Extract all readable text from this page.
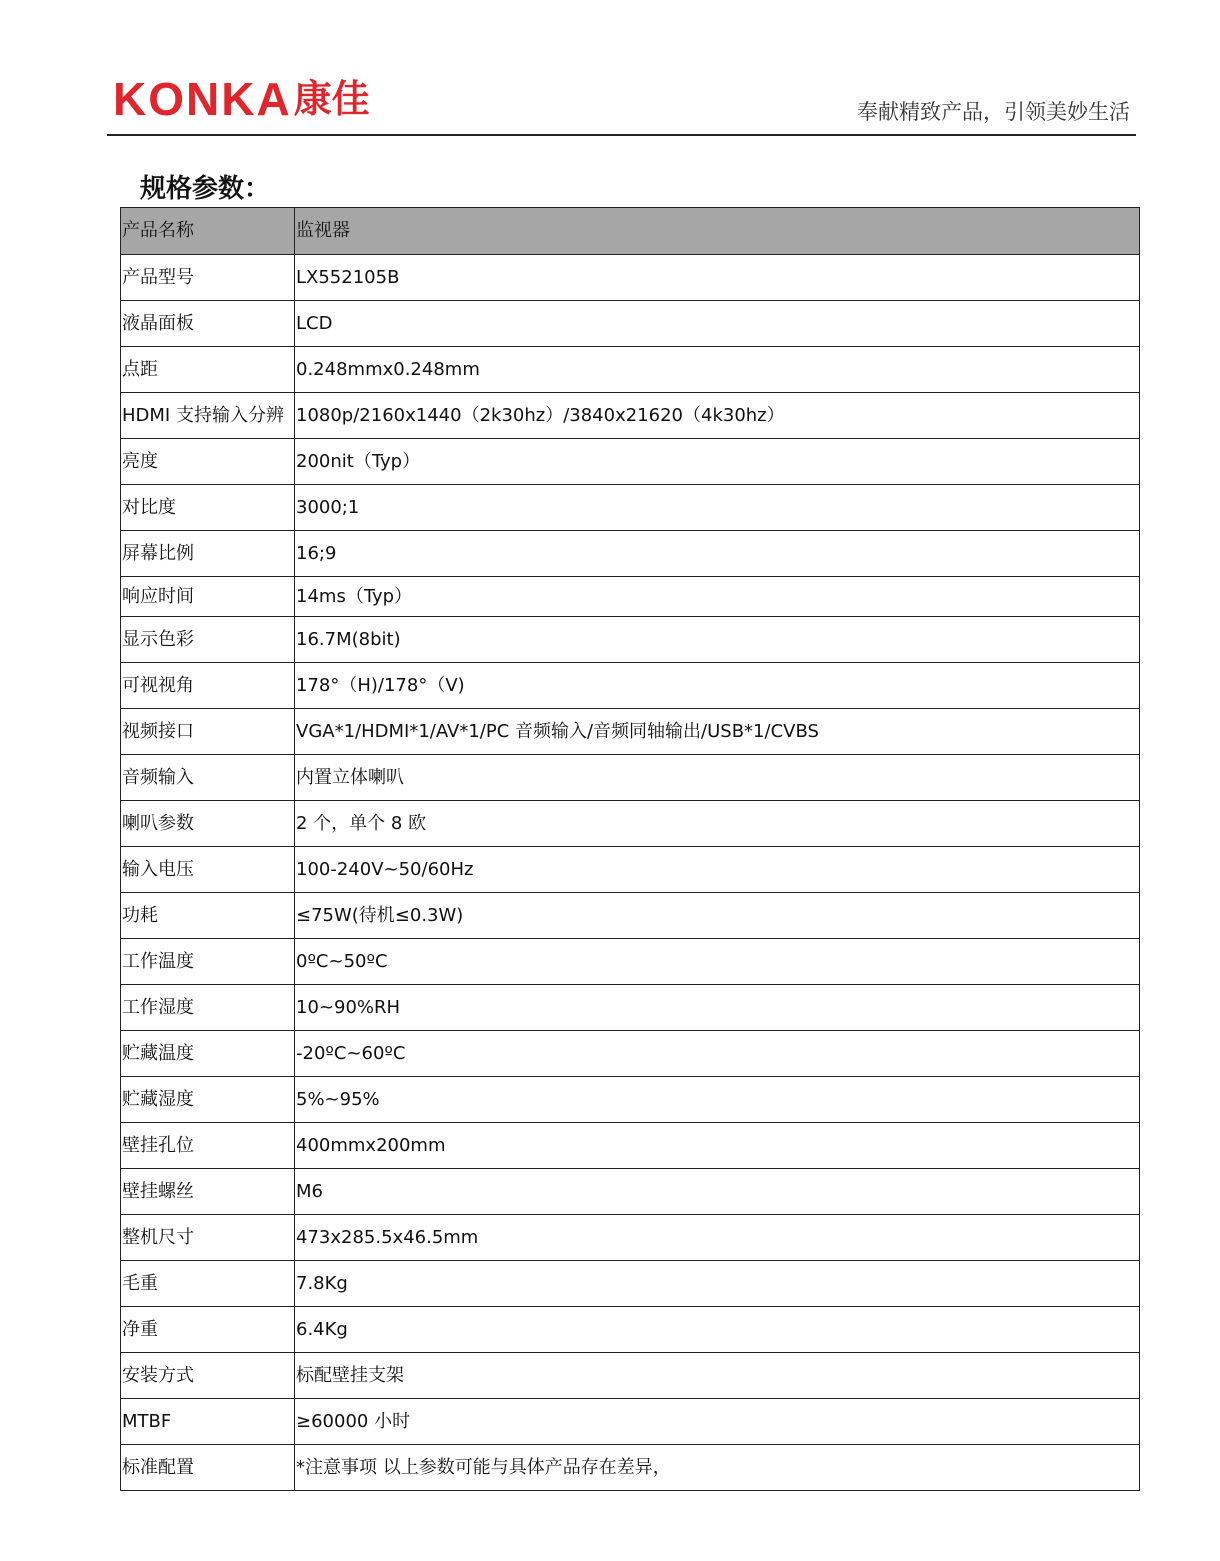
KONKA 康佳	奉献精致产品，引领美妙生活
规格参数：
产品名称	监视器
产品型号	LX552105B
液晶面板	LCD
点距	0.248mmx0.248mm
HDMI 支持输入分辨	1080p/2160x1440（2k30hz）/3840x21620（4k30hz）
亮度	200nit（Typ）
对比度	3000;1
屏幕比例	16;9
响应时间	14ms（Typ）
显示色彩	16.7M(8bit)
可视视角	178°（H)/178°（V)
视频接口	VGA*1/HDMI*1/AV*1/PC 音频输入/音频同轴输出/USB*1/CVBS
音频输入	内置立体喇叭
喇叭参数	2 个，单个 8 欧
输入电压	100-240V~50/60Hz
功耗	≤75W(待机≤0.3W)
工作温度	0ºC~50ºC
工作湿度	10~90%RH
贮藏温度	-20ºC~60ºC
贮藏湿度	5%~95%
壁挂孔位	400mmx200mm
壁挂螺丝	M6
整机尺寸	473x285.5x46.5mm
毛重	7.8Kg
净重	6.4Kg
安装方式	标配壁挂支架
MTBF	≥60000 小时
标准配置	*注意事项 以上参数可能与具体产品存在差异，
